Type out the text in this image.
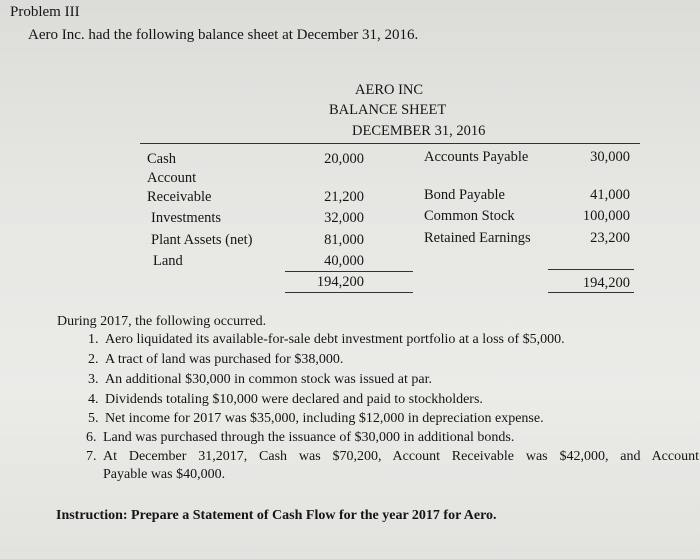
Problem III
Aero Inc. had the following balance sheet at December 31, 2016.
AERO INC
BALANCE SHEET
DECEMBER 31, 2016
Cash
Account
Receivable
Investments
Plant Assets (net)
Land
20,000
21,200
32,000
81,000
40,000
194,200
Accounts Payable
Bond Payable
Common Stock
Retained Earnings
30,000
41,000
100,000
23,200
194,200
During 2017, the following occurred.
1. Aero liquidated its available-for-sale debt investment portfolio at a loss of $5,000.
2. A tract of land was purchased for $38,000.
3. An additional $30,000 in common stock was issued at par.
4. Dividends totaling $10,000 were declared and paid to stockholders.
5. Net income for 2017 was $35,000, including $12,000 in depreciation expense.
6. Land was purchased through the issuance of $30,000 in additional bonds.
7. At December 31,2017, Cash was $70,200, Account Receivable was $42,000, and Account
Payable was $40,000.
Instruction: Prepare a Statement of Cash Flow for the year 2017 for Aero.
